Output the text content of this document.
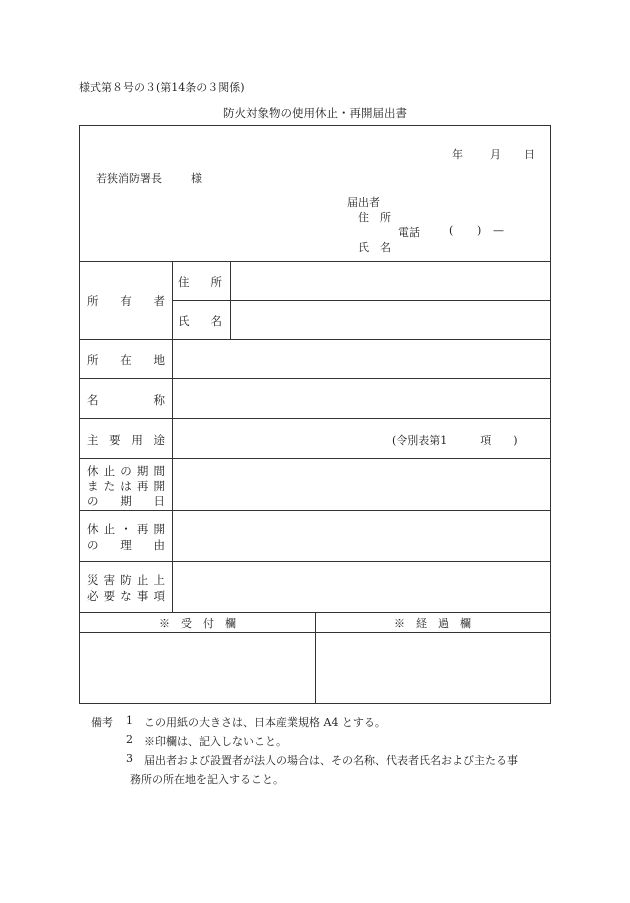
様式第８号の３(第14条の３関係)
防火対象物の使用休止・再開届出書
年 月 日
若狭消防署長	様
届出者
住　所
電話	( ) —
氏　名
所 有 者
住 所
氏 名
所 在 地
名	称
主 要 用 途	(令別表第1　　　項　　)
休 止 の 期 間
ま た は 再 開
の 期 日
休 止 ・ 再 開
の 理 由
災 害 防 止 上
必 要 な 事 項
※　受　付　欄	※　経　過　欄
備考 1 この用紙の大きさは、日本産業規格 A4 とする。
2 ※印欄は、記入しないこと。
3 届出者および設置者が法人の場合は、その名称、代表者氏名および主たる事
務所の所在地を記入すること。
